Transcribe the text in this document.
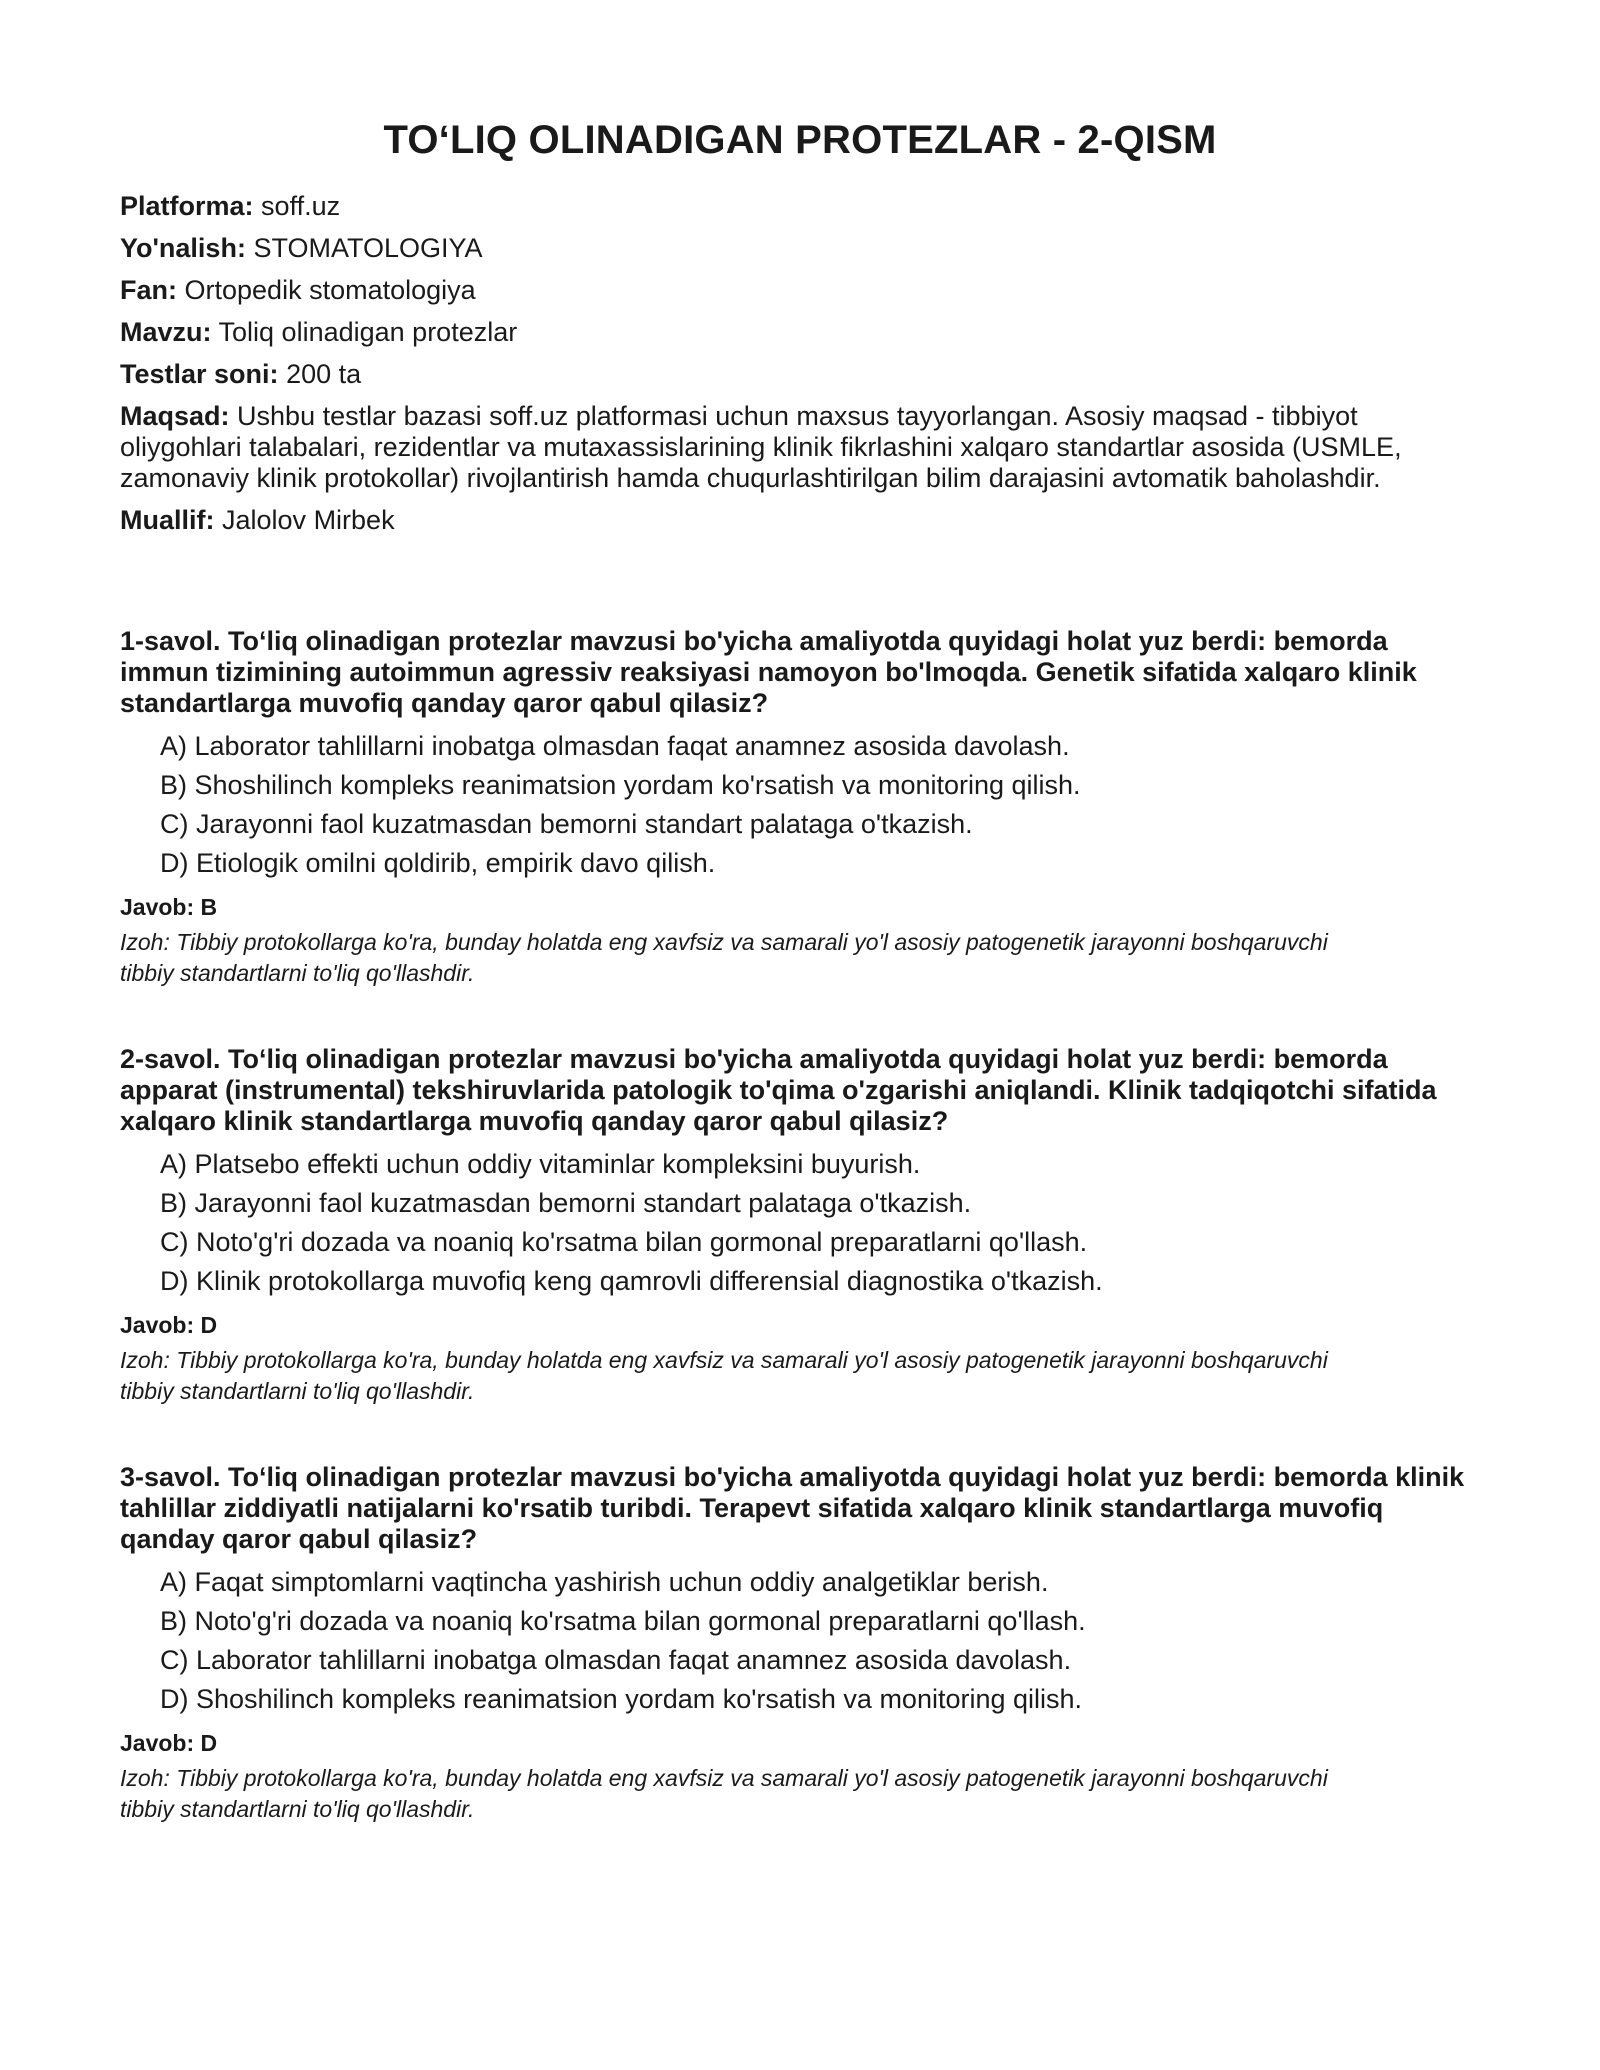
TO‘LIQ OLINADIGAN PROTEZLAR - 2-QISM

Platforma: soff.uz

Yo'nalish: STOMATOLOGIYA

Fan: Ortopedik stomatologiya

Mavzu: Toliq olinadigan protezlar

Testlar soni: 200 ta

Maqsad: Ushbu testlar bazasi soff.uz platformasi uchun maxsus tayyorlangan. Asosiy maqsad - tibbiyot oliygohlari talabalari, rezidentlar va mutaxassislarining klinik fikrlashini xalqaro standartlar asosida (USMLE, zamonaviy klinik protokollar) rivojlantirish hamda chuqurlashtirilgan bilim darajasini avtomatik baholashdir.

Muallif: Jalolov Mirbek

1-savol. To‘liq olinadigan protezlar mavzusi bo'yicha amaliyotda quyidagi holat yuz berdi: bemorda immun tizimining autoimmun agressiv reaksiyasi namoyon bo'lmoqda. Genetik sifatida xalqaro klinik standartlarga muvofiq qanday qaror qabul qilasiz?

A) Laborator tahlillarni inobatga olmasdan faqat anamnez asosida davolash.
B) Shoshilinch kompleks reanimatsion yordam ko'rsatish va monitoring qilish.
C) Jarayonni faol kuzatmasdan bemorni standart palataga o'tkazish.
D) Etiologik omilni qoldirib, empirik davo qilish.

Javob: B

Izoh: Tibbiy protokollarga ko'ra, bunday holatda eng xavfsiz va samarali yo'l asosiy patogenetik jarayonni boshqaruvchi tibbiy standartlarni to'liq qo'llashdir.

2-savol. To‘liq olinadigan protezlar mavzusi bo'yicha amaliyotda quyidagi holat yuz berdi: bemorda apparat (instrumental) tekshiruvlarida patologik to'qima o'zgarishi aniqlandi. Klinik tadqiqotchi sifatida xalqaro klinik standartlarga muvofiq qanday qaror qabul qilasiz?

A) Platsebo effekti uchun oddiy vitaminlar kompleksini buyurish.
B) Jarayonni faol kuzatmasdan bemorni standart palataga o'tkazish.
C) Noto'g'ri dozada va noaniq ko'rsatma bilan gormonal preparatlarni qo'llash.
D) Klinik protokollarga muvofiq keng qamrovli differensial diagnostika o'tkazish.

Javob: D

Izoh: Tibbiy protokollarga ko'ra, bunday holatda eng xavfsiz va samarali yo'l asosiy patogenetik jarayonni boshqaruvchi tibbiy standartlarni to'liq qo'llashdir.

3-savol. To‘liq olinadigan protezlar mavzusi bo'yicha amaliyotda quyidagi holat yuz berdi: bemorda klinik tahlillar ziddiyatli natijalarni ko'rsatib turibdi. Terapevt sifatida xalqaro klinik standartlarga muvofiq qanday qaror qabul qilasiz?

A) Faqat simptomlarni vaqtincha yashirish uchun oddiy analgetiklar berish.
B) Noto'g'ri dozada va noaniq ko'rsatma bilan gormonal preparatlarni qo'llash.
C) Laborator tahlillarni inobatga olmasdan faqat anamnez asosida davolash.
D) Shoshilinch kompleks reanimatsion yordam ko'rsatish va monitoring qilish.

Javob: D

Izoh: Tibbiy protokollarga ko'ra, bunday holatda eng xavfsiz va samarali yo'l asosiy patogenetik jarayonni boshqaruvchi tibbiy standartlarni to'liq qo'llashdir.
